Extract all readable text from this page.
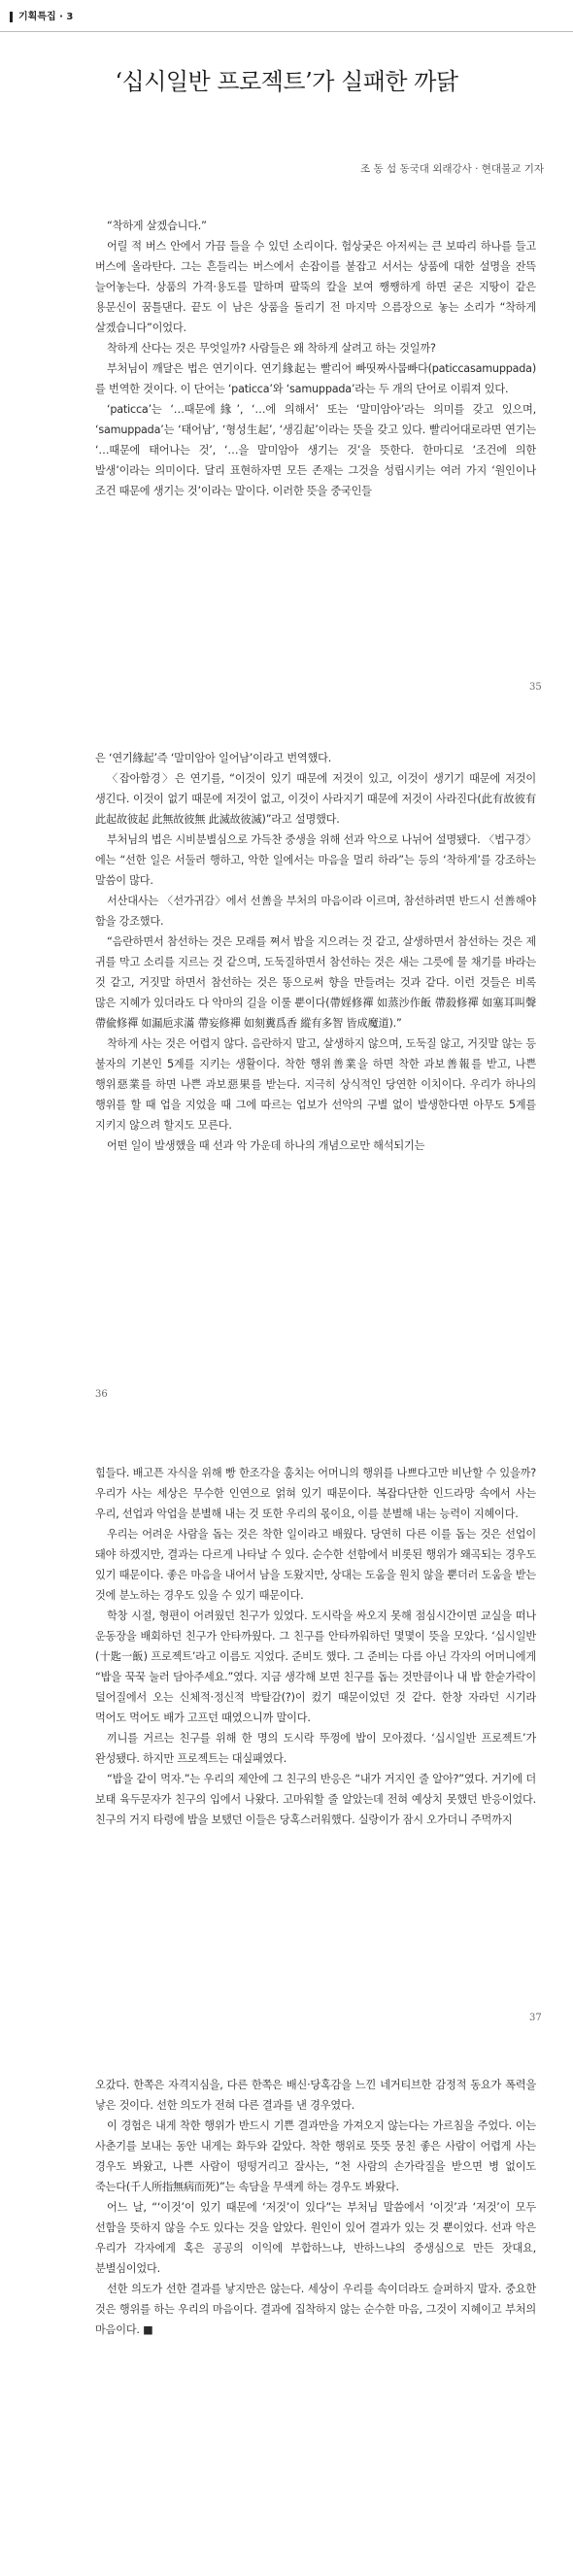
기획특집 · 3
‘십시일반 프로젝트’가 실패한 까닭
조 동 섭 동국대 외래강사 · 현대불교 기자

“착하게 살겠습니다.”

어릴 적 버스 안에서 가끔 들을 수 있던 소리이다. 험상궂은 아저씨는 큰 보따리 하나를 들고 버스에 올라탄다. 그는 흔들리는 버스에서 손잡이를 붙잡고 서서는 상품에 대한 설명을 잔뜩 늘어놓는다. 상품의 가격·용도를 말하며 팔뚝의 칼을 보여 쨍쨍하게 하면 굳은 지땅이 같은 용문신이 꿈틀댄다. 끝도 이 남은 상품을 돌리기 전 마지막 으름장으로 놓는 소리가 “착하게 살겠습니다”이었다.

착하게 산다는 것은 무엇일까? 사람들은 왜 착하게 살려고 하는 것일까?

부처님이 깨달은 법은 연기이다. 연기緣起는 빨리어 빠띳짜사뭅빠다(paticcasamuppada)를 번역한 것이다. 이 단어는 ‘paticca’와 ‘samuppada’라는 두 개의 단어로 이뤄져 있다.

‘paticca’는 ‘…때문에緣’, ‘…에 의해서’ 또는 ‘말미암아’라는 의미를 갖고 있으며, ‘samuppada’는 ‘태어남’, ‘형성生起’, ‘생김起’이라는 뜻을 갖고 있다. 빨리어대로라면 연기는 ‘…때문에 태어나는 것’, ‘…을 말미암아 생기는 것’을 뜻한다. 한마디로 ‘조건에 의한 발생’이라는 의미이다. 달리 표현하자면 모든 존재는 그것을 성립시키는 여러 가지 ‘원인이나 조건 때문에 생기는 것’이라는 말이다. 이러한 뜻을 중국인들

35

은 ‘연기緣起’즉 ‘말미암아 일어남’이라고 번역했다.

〈잡아함경〉은 연기를, “이것이 있기 때문에 저것이 있고, 이것이 생기기 때문에 저것이 생긴다. 이것이 없기 때문에 저것이 없고, 이것이 사라지기 때문에 저것이 사라진다(此有故彼有 此起故彼起 此無故彼無 此滅故彼滅)”라고 설명했다.

부처님의 법은 시비분별심으로 가득찬 중생을 위해 선과 악으로 나뉘어 설명됐다. 〈법구경〉에는 “선한 일은 서둘러 행하고, 악한 일에서는 마음을 멀리 하라”는 등의 ‘착하게’를 강조하는 말씀이 많다.

서산대사는 〈선가귀감〉에서 선善을 부처의 마음이라 이르며, 참선하려면 반드시 선善해야 함을 강조했다.

“음란하면서 참선하는 것은 모래를 쪄서 밥을 지으려는 것 같고, 살생하면서 참선하는 것은 제 귀를 막고 소리를 지르는 것 같으며, 도둑질하면서 참선하는 것은 새는 그릇에 물 채기를 바라는 것 같고, 거짓말 하면서 참선하는 것은 똥으로써 향을 만들려는 것과 같다. 이런 것들은 비록 많은 지혜가 있더라도 다 악마의 길을 이룰 뿐이다(帶婬修禪 如蒸沙作飯 帶殺修禪 如塞耳叫聲 帶偸修禪 如漏巵求滿 帶妄修禪 如刻糞爲香 縱有多智 皆成魔道).”

착하게 사는 것은 어렵지 않다. 음란하지 말고, 살생하지 않으며, 도둑질 않고, 거짓말 않는 등 불자의 기본인 5계를 지키는 생활이다. 착한 행위善業을 하면 착한 과보善報를 받고, 나쁜 행위惡業를 하면 나쁜 과보惡果를 받는다. 지극히 상식적인 당연한 이치이다. 우리가 하나의 행위를 할 때 업을 지었을 때 그에 따르는 업보가 선악의 구별 없이 발생한다면 아무도 5계를 지키지 않으려 할지도 모른다.

어떤 일이 발생했을 때 선과 악 가운데 하나의 개념으로만 해석되기는

36

힘들다. 배고픈 자식을 위해 빵 한조각을 훔치는 어머니의 행위를 나쁘다고만 비난할 수 있을까? 우리가 사는 세상은 무수한 인연으로 얽혀 있기 때문이다. 복잡다단한 인드라망 속에서 사는 우리, 선업과 악업을 분별해 내는 것 또한 우리의 몫이요, 이를 분별해 내는 능력이 지혜이다.

우리는 어려운 사람을 돕는 것은 착한 일이라고 배웠다. 당연히 다른 이를 돕는 것은 선업이 돼야 하겠지만, 결과는 다르게 나타날 수 있다. 순수한 선함에서 비롯된 행위가 왜곡되는 경우도 있기 때문이다. 좋은 마음을 내어서 남을 도왔지만, 상대는 도움을 원치 않을 뿐더러 도움을 받는 것에 분노하는 경우도 있을 수 있기 때문이다.

학창 시절, 형편이 어려웠던 친구가 있었다. 도시락을 싸오지 못해 점심시간이면 교실을 떠나 운동장을 배회하던 친구가 안타까웠다. 그 친구를 안타까워하던 몇몇이 뜻을 모았다. ‘십시일반(十匙一飯) 프로젝트’라고 이름도 지었다. 준비도 했다. 그 준비는 다름 아닌 각자의 어머니에게 “밥을 꾹꾹 눌러 담아주세요.”였다. 지금 생각해 보면 친구를 돕는 것만큼이나 내 밥 한숟가락이 덜어질에서 오는 신체적·정신적 박탈감(?)이 컸기 때문이었던 것 같다. 한창 자라던 시기라 먹어도 먹어도 배가 고프던 때였으니까 말이다.

끼니를 거르는 친구를 위해 한 명의 도시락 뚜껑에 밥이 모아졌다. ‘십시일반 프로젝트’가 완성됐다. 하지만 프로젝트는 대실패였다.

“밥을 같이 먹자.”는 우리의 제안에 그 친구의 반응은 “내가 거지인 줄 알아?”였다. 거기에 더 보태 육두문자가 친구의 입에서 나왔다. 고마워할 줄 알았는데 전혀 예상치 못했던 반응이었다. 친구의 거지 타령에 밥을 보탰던 이들은 당혹스러워했다. 실랑이가 잠시 오가더니 주먹까지

37

오갔다. 한쪽은 자격지심을, 다른 한쪽은 배신·당혹감을 느낀 네거티브한 감정적 동요가 폭력을 낳은 것이다. 선한 의도가 전혀 다른 결과를 낸 경우였다.

이 경험은 내게 착한 행위가 반드시 기쁜 결과만을 가져오지 않는다는 가르침을 주었다. 이는 사춘기를 보내는 동안 내게는 화두와 같았다. 착한 행위로 뜻뜻 뭉친 좋은 사람이 어렵게 사는 경우도 봐왔고, 나쁜 사람이 떵떵거리고 잘사는, “천 사람의 손가락질을 받으면 병 없이도 죽는다(千人所指無病而死)”는 속담을 무색케 하는 경우도 봐왔다.

어느 날, “‘이것’이 있기 때문에 ‘저것’이 있다”는 부처님 말씀에서 ‘이것’과 ‘저것’이 모두 선함을 뜻하지 않을 수도 있다는 것을 알았다. 원인이 있어 결과가 있는 것 뿐이었다. 선과 악은 우리가 각자에게 혹은 공공의 이익에 부합하느냐, 반하느냐의 중생심으로 만든 잣대요, 분별심이었다.

선한 의도가 선한 결과를 낳지만은 않는다. 세상이 우리를 속이더라도 슬퍼하지 말자. 중요한 것은 행위를 하는 우리의 마음이다. 결과에 집착하지 않는 순수한 마음, 그것이 지혜이고 부처의 마음이다. ■
